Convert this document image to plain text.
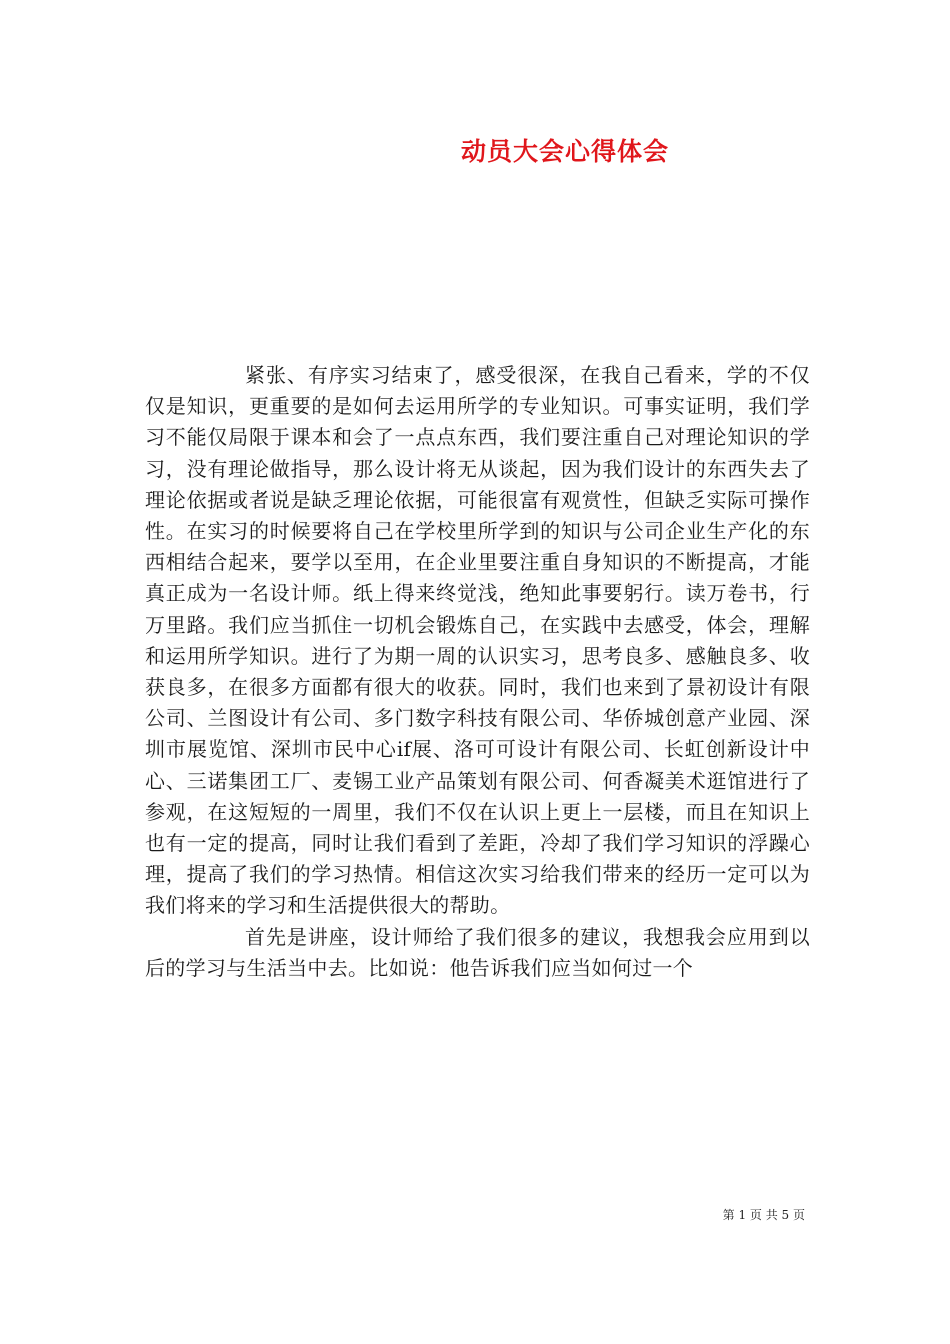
动员大会心得体会

紧张、有序实习结束了，感受很深，在我自己看来，学的不仅仅是知识，更重要的是如何去运用所学的专业知识。可事实证明，我们学习不能仅局限于课本和会了一点点东西，我们要注重自己对理论知识的学习，没有理论做指导，那么设计将无从谈起，因为我们设计的东西失去了理论依据或者说是缺乏理论依据，可能很富有观赏性，但缺乏实际可操作性。在实习的时候要将自己在学校里所学到的知识与公司企业生产化的东西相结合起来，要学以至用，在企业里要注重自身知识的不断提高，才能真正成为一名设计师。纸上得来终觉浅，绝知此事要躬行。读万卷书，行万里路。我们应当抓住一切机会锻炼自己，在实践中去感受，体会，理解和运用所学知识。进行了为期一周的认识实习，思考良多、感触良多、收获良多，在很多方面都有很大的收获。同时，我们也来到了景初设计有限公司、兰图设计有公司、多门数字科技有限公司、华侨城创意产业园、深圳市展览馆、深圳市民中心if展、洛可可设计有限公司、长虹创新设计中心、三诺集团工厂、麦锡工业产品策划有限公司、何香凝美术逛馆进行了参观，在这短短的一周里，我们不仅在认识上更上一层楼，而且在知识上也有一定的提高，同时让我们看到了差距，冷却了我们学习知识的浮躁心理，提高了我们的学习热情。相信这次实习给我们带来的经历一定可以为我们将来的学习和生活提供很大的帮助。

首先是讲座，设计师给了我们很多的建议，我想我会应用到以后的学习与生活当中去。比如说：他告诉我们应当如何过一个

第 1 页 共 5 页
